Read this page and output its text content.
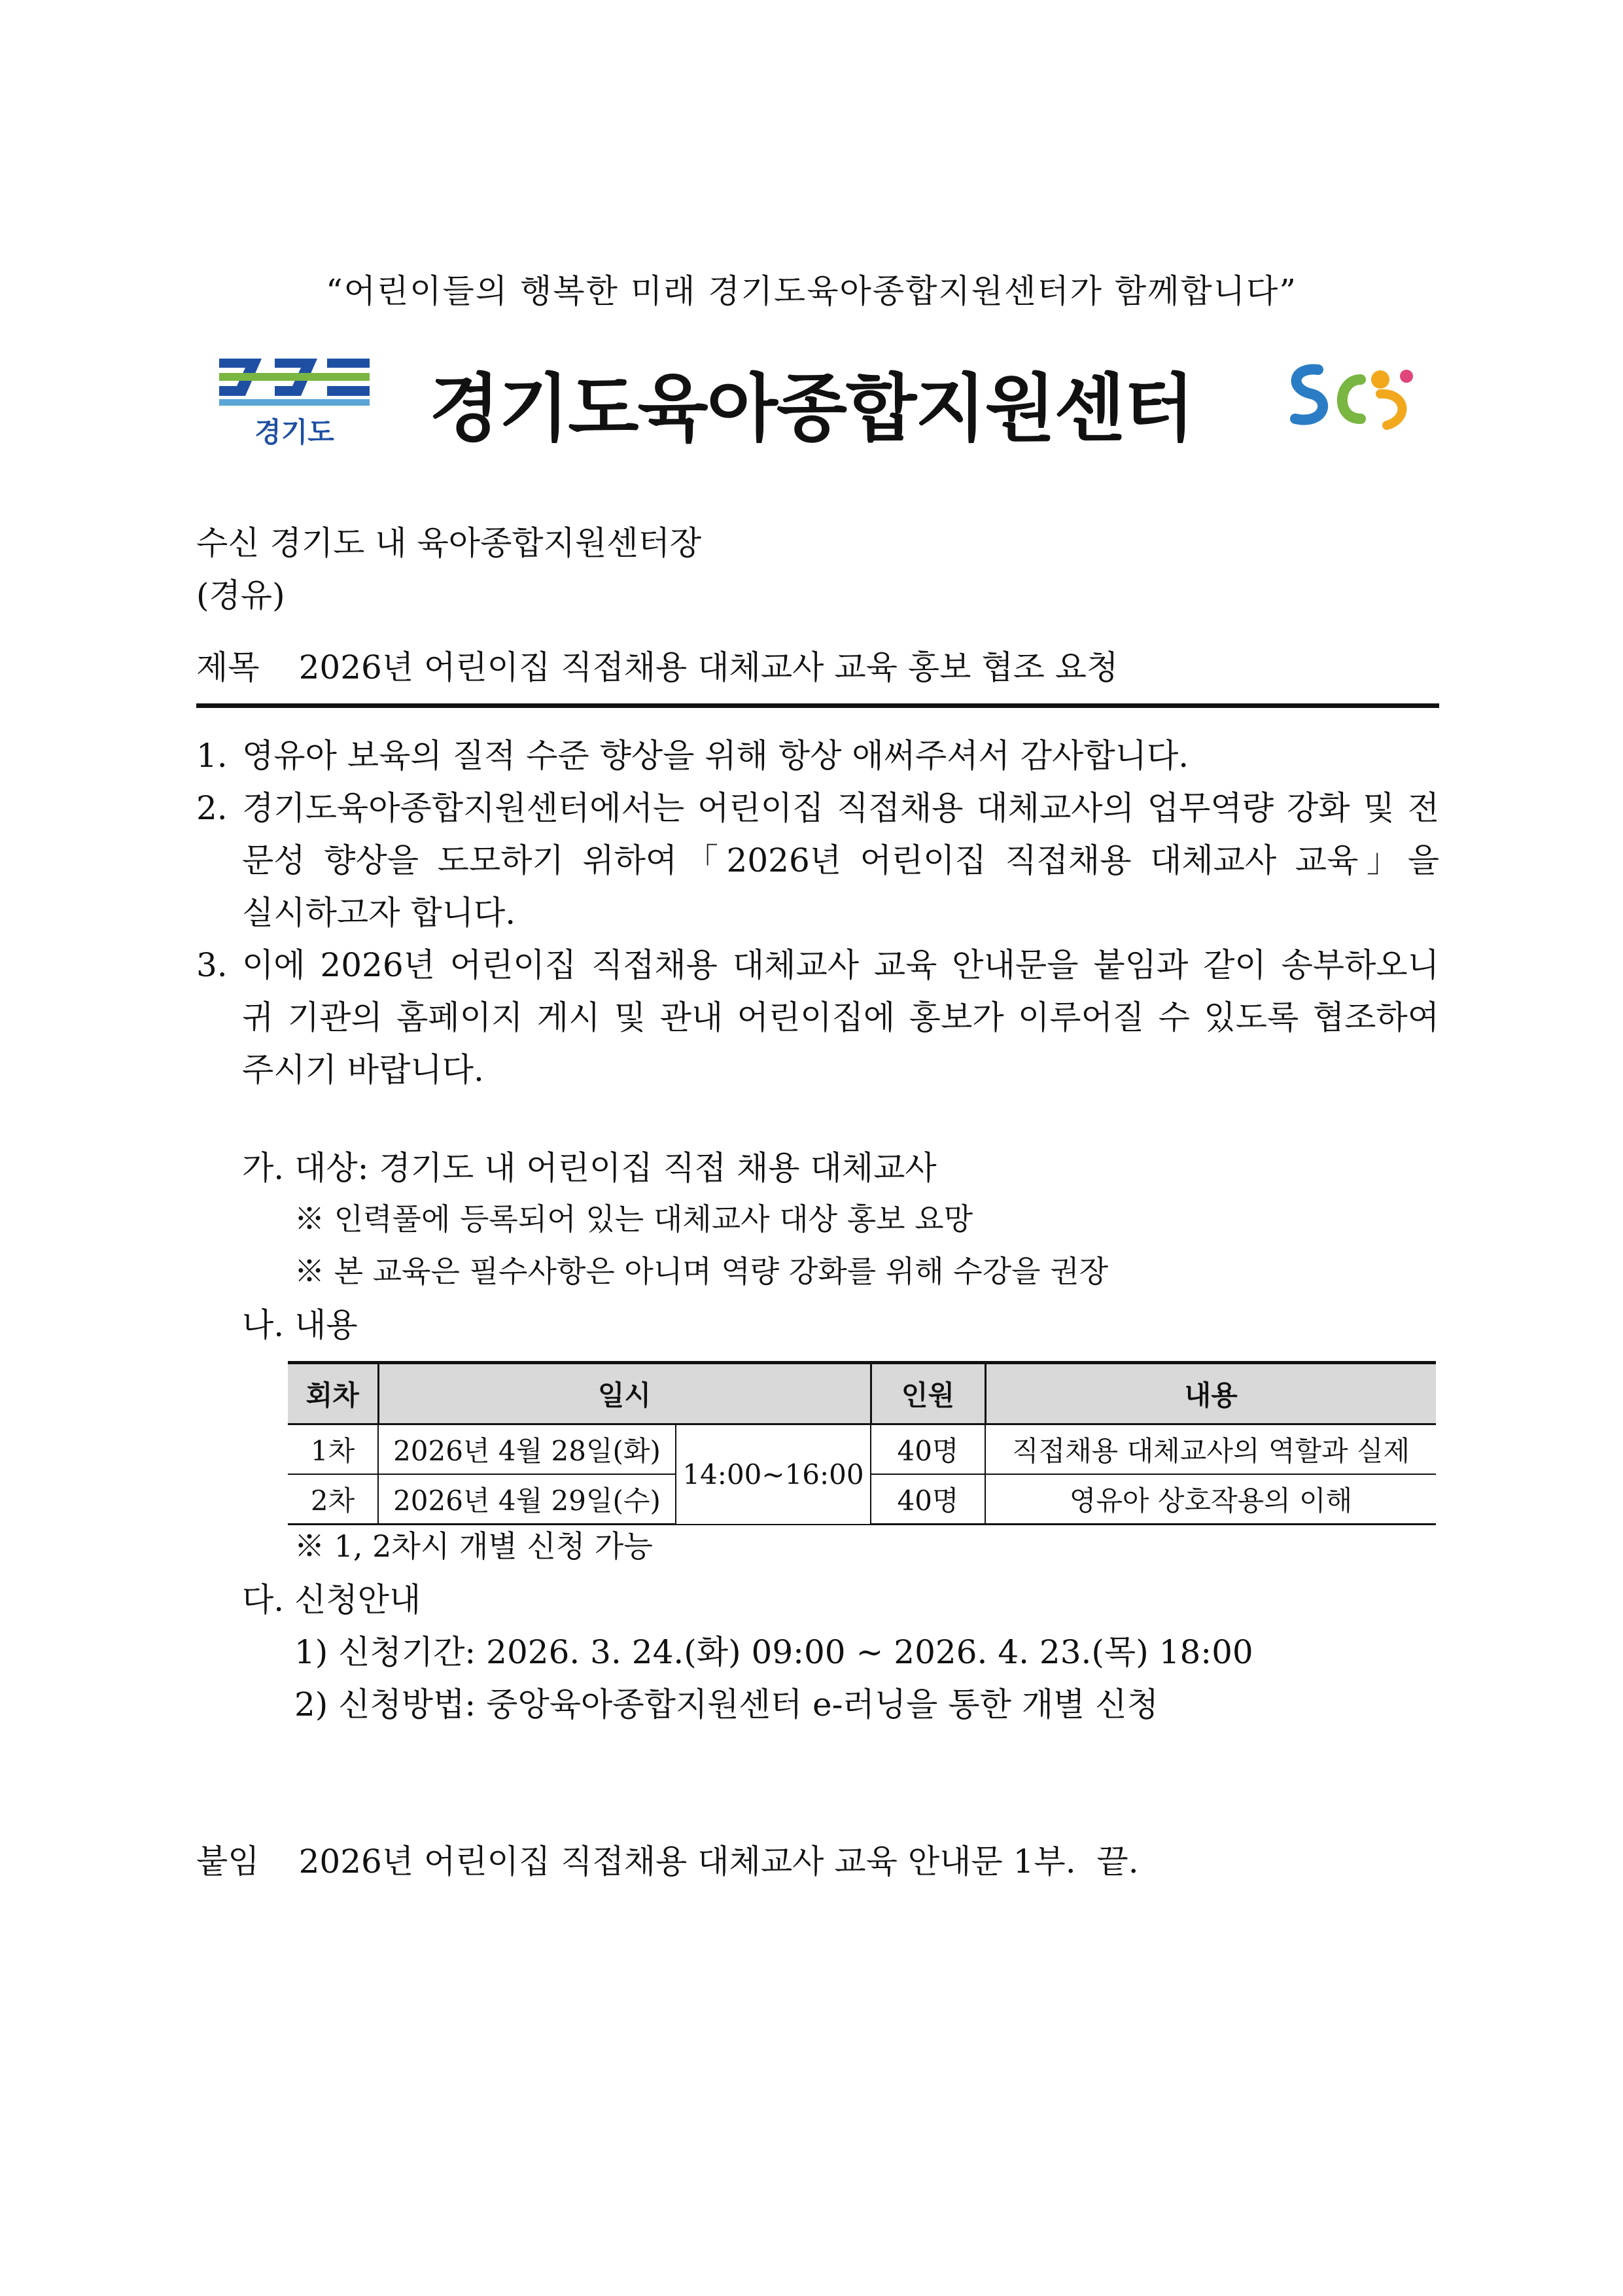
“어린이들의 행복한 미래 경기도육아종합지원센터가 함께합니다”
경기도	경기도육아종합지원센터
수신 경기도 내 육아종합지원센터장
(경유)
제목 2026년 어린이집 직접채용 대체교사 교육 홍보 협조 요청
1. 영유아 보육의 질적 수준 향상을 위해 항상 애써주셔서 감사합니다.
2. 경기도육아종합지원센터에서는 어린이집 직접채용 대체교사의 업무역량 강화 및 전문성 향상을 도모하기 위하여「2026년 어린이집 직접채용 대체교사 교육」을
실시하고자 합니다.
3. 이에 2026년 어린이집 직접채용 대체교사 교육 안내문을 붙임과 같이 송부하오니 귀 기관의 홈페이지 게시 및 관내 어린이집에 홍보가 이루어질 수 있도록 협조하여
주시기 바랍니다.
가. 대상: 경기도 내 어린이집 직접 채용 대체교사
※ 인력풀에 등록되어 있는 대체교사 대상 홍보 요망
※ 본 교육은 필수사항은 아니며 역량 강화를 위해 수강을 권장
나. 내용
회차	일시		인원	내용
1차	2026년 4월 28일(화)	14:00~16:00	40명	직접채용 대체교사의 역할과 실제
2차	2026년 4월 29일(수)		40명	영유아 상호작용의 이해
※ 1, 2차시 개별 신청 가능
다. 신청안내
1) 신청기간: 2026. 3. 24.(화) 09:00 ~ 2026. 4. 23.(목) 18:00
2) 신청방법: 중앙육아종합지원센터 e-러닝을 통한 개별 신청
붙임 2026년 어린이집 직접채용 대체교사 교육 안내문 1부.  끝.
